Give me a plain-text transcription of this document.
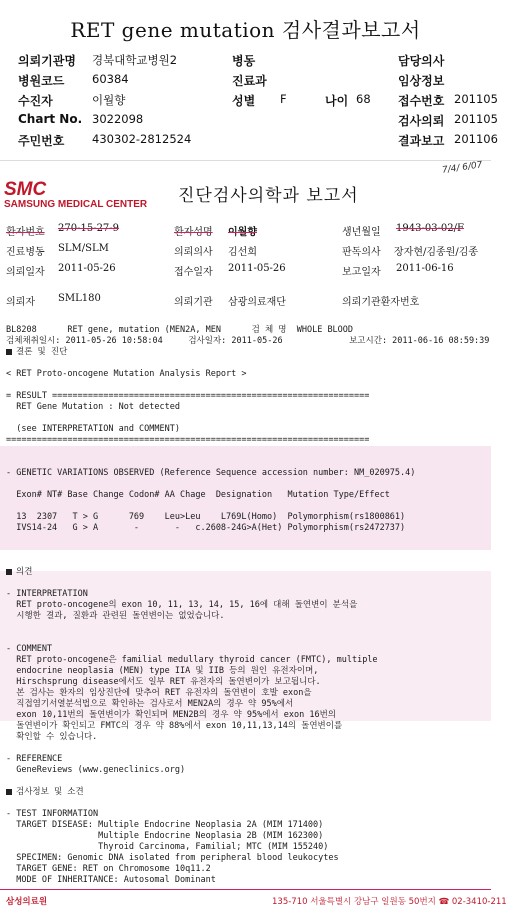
RET gene mutation 검사결과보고서
의뢰기관명 경북대학교병원2	병동	담당의사
병원코드 60384	진료과	임상정보
수진자	이월향	성별 F	나이 68 접수번호 201105
Chart No. 3022098	검사의뢰 201105
주민번호 430302-2812524	결과보고 201106
7/4/ 6/07
SMC
SAMSUNG MEDICAL CENTER 진단검사의학과 보고서
환자번호 270-15-27-9	환자성명 이월향	생년월일 1943-03-02/F
진료병동 SLM/SLM	의뢰의사 김선희	판독의사 장자현/김종원/김종
의뢰일자 2011-05-26	접수일자 2011-05-26	보고일자 2011-06-16
의뢰자 SML180	의뢰기관 삼광의료재단	의뢰기관환자번호

BL8208      RET gene, mutation (MEN2A, MEN      검 체 명  WHOLE BLOOD
검체채취일시: 2011-05-26 10:58:04     검사일자: 2011-05-26             보고시간: 2011-06-16 08:59:39
결론 및 진단

< RET Proto-oncogene Mutation Analysis Report >

= RESULT ==============================================================
RET Gene Mutation : Not detected

(see INTERPRETATION and COMMENT)
=======================================================================

- GENETIC VARIATIONS OBSERVED (Reference Sequence accession number: NM_020975.4)

Exon# NT# Base Change Codon# AA Chage  Designation   Mutation Type/Effect

13  2307   T > G      769    Leu>Leu    L769L(Homo)  Polymorphism(rs1800861)
IVS14-24   G > A       -       -   c.2608-24G>A(Het) Polymorphism(rs2472737)

의견

- INTERPRETATION
RET proto-oncogene의 exon 10, 11, 13, 14, 15, 16에 대해 돌연변이 분석을
시행한 결과, 질환과 관련된 돌연변이는 없었습니다.

- COMMENT
RET proto-oncogene은 familial medullary thyroid cancer (FMTC), multiple
endocrine neoplasia (MEN) type IIA 및 IIB 등의 원인 유전자이며,
Hirschsprung disease에서도 일부 RET 유전자의 돌연변이가 보고됩니다.
본 검사는 환자의 임상진단에 맞추어 RET 유전자의 돌연변이 호발 exon을
직접염기서열분석법으로 확인하는 검사로서 MEN2A의 경우 약 95%에서
exon 10,11번의 돌연변이가 확인되며 MEN2B의 경우 약 95%에서 exon 16번의
돌연변이가 확인되고 FMTC의 경우 약 88%에서 exon 10,11,13,14의 돌연변이를
확인할 수 있습니다.

- REFERENCE
GeneReviews (www.geneclinics.org)

검사정보 및 소견

- TEST INFORMATION
TARGET DISEASE: Multiple Endocrine Neoplasia 2A (MIM 171400)
Multiple Endocrine Neoplasia 2B (MIM 162300)
Thyroid Carcinoma, Familial; MTC (MIM 155240)
SPECIMEN: Genomic DNA isolated from peripheral blood leukocytes
TARGET GENE: RET on Chromosome 10q11.2
MODE OF INHERITANCE: Autosomal Dominant

삼성의료원	135-710 서울특별시 강남구 일원동 50번지 ☎ 02-3410-211
